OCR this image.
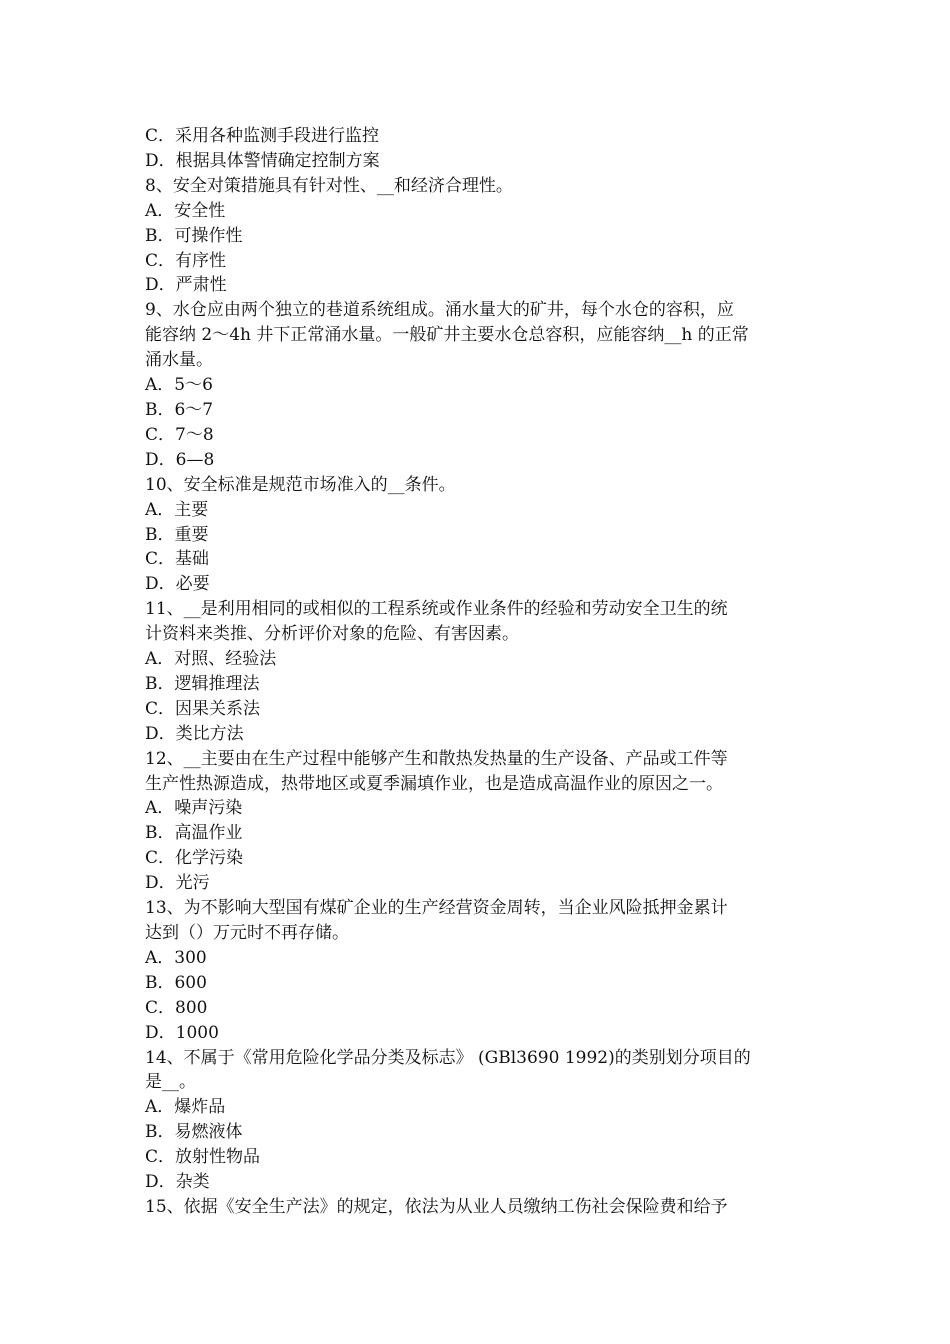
C．采用各种监测手段进行监控
D．根据具体警情确定控制方案
8、安全对策措施具有针对性、__和经济合理性。
A．安全性
B．可操作性
C．有序性
D．严肃性
9、水仓应由两个独立的巷道系统组成。涌水量大的矿井，每个水仓的容积，应
能容纳 2～4h 井下正常涌水量。一般矿井主要水仓总容积，应能容纳__h 的正常
涌水量。
A．5～6
B．6～7
C．7～8
D．6—8
10、安全标准是规范市场准入的__条件。
A．主要
B．重要
C．基础
D．必要
11、__是利用相同的或相似的工程系统或作业条件的经验和劳动安全卫生的统
计资料来类推、分析评价对象的危险、有害因素。
A．对照、经验法
B．逻辑推理法
C．因果关系法
D．类比方法
12、__主要由在生产过程中能够产生和散热发热量的生产设备、产品或工件等
生产性热源造成，热带地区或夏季漏填作业，也是造成高温作业的原因之一。
A．噪声污染
B．高温作业
C．化学污染
D．光污
13、为不影响大型国有煤矿企业的生产经营资金周转，当企业风险抵押金累计
达到（）万元时不再存储。
A．300
B．600
C．800
D．1000
14、不属于《常用危险化学品分类及标志》 (GBl3690 1992)的类别划分项目的
是__。
A．爆炸品
B．易燃液体
C．放射性物品
D．杂类
15、依据《安全生产法》的规定，依法为从业人员缴纳工伤社会保险费和给予
